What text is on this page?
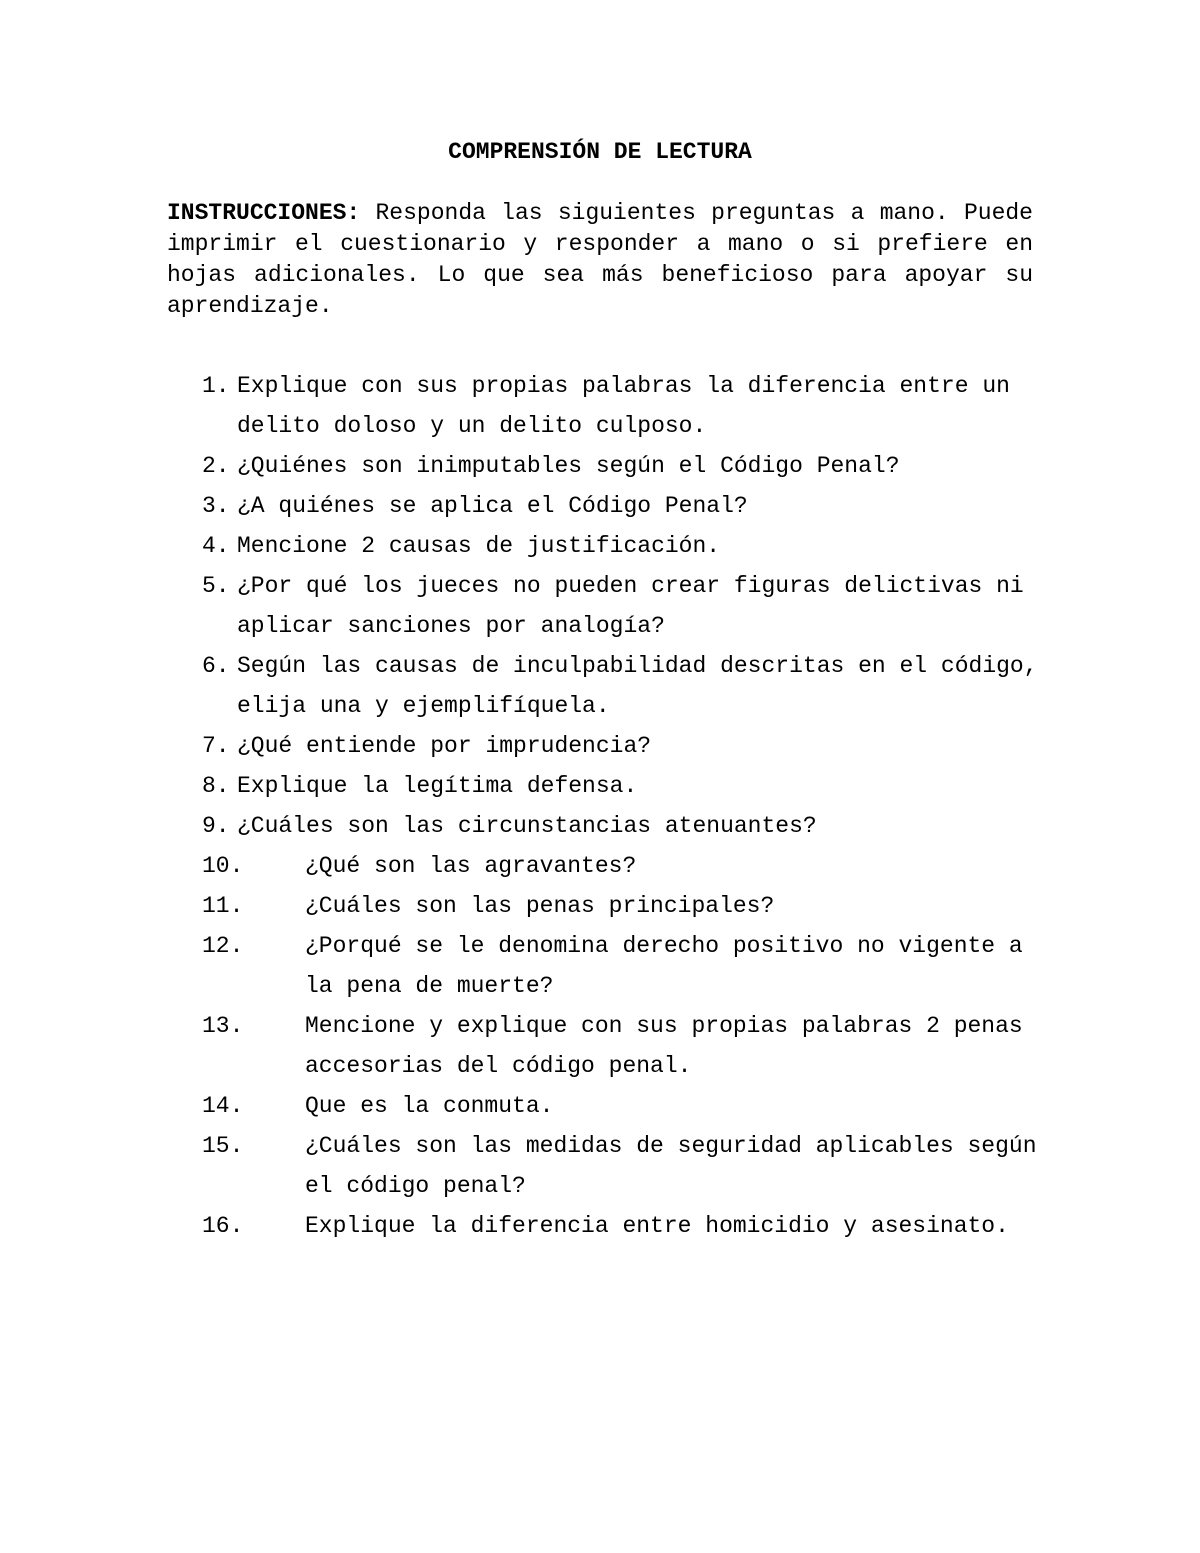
COMPRENSIÓN DE LECTURA

INSTRUCCIONES: Responda las siguientes preguntas a mano. Puede imprimir el cuestionario y responder a mano o si prefiere en hojas adicionales. Lo que sea más beneficioso para apoyar su aprendizaje.

1. Explique con sus propias palabras la diferencia entre un delito doloso y un delito culposo.
2. ¿Quiénes son inimputables según el Código Penal?
3. ¿A quiénes se aplica el Código Penal?
4. Mencione 2 causas de justificación.
5. ¿Por qué los jueces no pueden crear figuras delictivas ni aplicar sanciones por analogía?
6. Según las causas de inculpabilidad descritas en el código, elija una y ejemplifíquela.
7. ¿Qué entiende por imprudencia?
8. Explique la legítima defensa.
9. ¿Cuáles son las circunstancias atenuantes?
10.	¿Qué son las agravantes?
11.	¿Cuáles son las penas principales?
12.	¿Porqué se le denomina derecho positivo no vigente a la pena de muerte?
13.	Mencione y explique con sus propias palabras 2 penas accesorias del código penal.
14.	Que es la conmuta.
15.	¿Cuáles son las medidas de seguridad aplicables según el código penal?
16.	Explique la diferencia entre homicidio y asesinato.
